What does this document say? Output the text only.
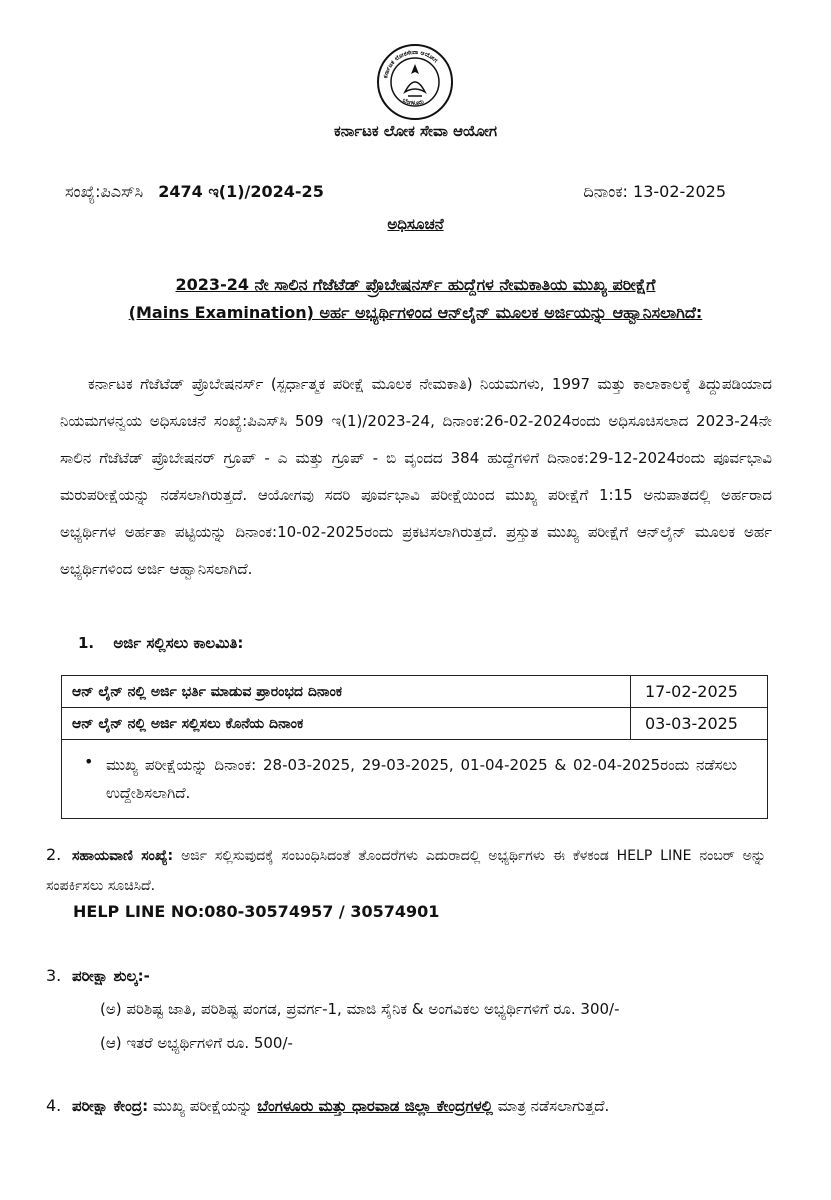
ಕರ್ನಾಟಕ ಲೋಕಸೇವಾ ಆಯೋಗ
ಬೆಂಗಳೂರು
ಕರ್ನಾಟಕ ಲೋಕ ಸೇವಾ ಆಯೋಗ
ಸಂಖ್ಯೆ:ಪಿಎಸ್‌ಸಿ 2474 ಇ(1)/2024-25	ದಿನಾಂಕ: 13-02-2025
ಅಧಿಸೂಚನೆ
2023-24 ನೇ ಸಾಲಿನ ಗೆಜೆಟೆಡ್ ಪ್ರೊಬೇಷನರ್ಸ್ ಹುದ್ದೆಗಳ ನೇಮಕಾತಿಯ ಮುಖ್ಯ ಪರೀಕ್ಷೆಗೆ
(Mains Examination) ಅರ್ಹ ಅಭ್ಯರ್ಥಿಗಳಿಂದ ಆನ್‌ಲೈನ್ ಮೂಲಕ ಅರ್ಜಿಯನ್ನು ಆಹ್ವಾನಿಸಲಾಗಿದೆ:
ಕರ್ನಾಟಕ ಗೆಜೆಟೆಡ್ ಪ್ರೊಬೇಷನರ್ಸ್ (ಸ್ಪರ್ಧಾತ್ಮಕ ಪರೀಕ್ಷೆ ಮೂಲಕ ನೇಮಕಾತಿ) ನಿಯಮಗಳು, 1997 ಮತ್ತು ಕಾಲಾಕಾಲಕ್ಕೆ ತಿದ್ದುಪಡಿಯಾದ ನಿಯಮಗಳನ್ವಯ ಅಧಿಸೂಚನೆ ಸಂಖ್ಯೆ:ಪಿಎಸ್‌ಸಿ 509 ಇ(1)/2023-24, ದಿನಾಂಕ:26-02-2024ರಂದು ಅಧಿಸೂಚಿಸಲಾದ 2023-24ನೇ ಸಾಲಿನ ಗೆಜೆಟೆಡ್ ಪ್ರೊಬೇಷನರ್ ಗ್ರೂಪ್ - ಎ ಮತ್ತು ಗ್ರೂಪ್ - ಬಿ ವೃಂದದ 384 ಹುದ್ದೆಗಳಿಗೆ ದಿನಾಂಕ:29-12-2024ರಂದು ಪೂರ್ವಭಾವಿ ಮರುಪರೀಕ್ಷೆಯನ್ನು ನಡೆಸಲಾಗಿರುತ್ತದೆ. ಆಯೋಗವು ಸದರಿ ಪೂರ್ವಭಾವಿ ಪರೀಕ್ಷೆಯಿಂದ ಮುಖ್ಯ ಪರೀಕ್ಷೆಗೆ 1:15 ಅನುಪಾತದಲ್ಲಿ ಅರ್ಹರಾದ ಅಭ್ಯರ್ಥಿಗಳ ಅರ್ಹತಾ ಪಟ್ಟಿಯನ್ನು ದಿನಾಂಕ:10-02-2025ರಂದು ಪ್ರಕಟಿಸಲಾಗಿರುತ್ತದೆ. ಪ್ರಸ್ತುತ ಮುಖ್ಯ ಪರೀಕ್ಷೆಗೆ ಆನ್‌ಲೈನ್ ಮೂಲಕ ಅರ್ಹ ಅಭ್ಯರ್ಥಿಗಳಿಂದ ಅರ್ಜಿ ಆಹ್ವಾನಿಸಲಾಗಿದೆ.
1. ಅರ್ಜಿ ಸಲ್ಲಿಸಲು ಕಾಲಮಿತಿ:
ಆನ್ ಲೈನ್ ನಲ್ಲಿ ಅರ್ಜಿ ಭರ್ತಿ ಮಾಡುವ ಪ್ರಾರಂಭದ ದಿನಾಂಕ	17-02-2025
ಆನ್ ಲೈನ್ ನಲ್ಲಿ ಅರ್ಜಿ ಸಲ್ಲಿಸಲು ಕೊನೆಯ ದಿನಾಂಕ	03-03-2025

• ಮುಖ್ಯ ಪರೀಕ್ಷೆಯನ್ನು ದಿನಾಂಕ: 28-03-2025, 29-03-2025, 01-04-2025 & 02-04-2025ರಂದು ನಡೆಸಲು ಉದ್ದೇಶಿಸಲಾಗಿದೆ.	
2. ಸಹಾಯವಾಣಿ ಸಂಖ್ಯೆ: ಅರ್ಜಿ ಸಲ್ಲಿಸುವುದಕ್ಕೆ ಸಂಬಂಧಿಸಿದಂತೆ ತೊಂದರೆಗಳು ಎದುರಾದಲ್ಲಿ ಅಭ್ಯರ್ಥಿಗಳು ಈ ಕೆಳಕಂಡ HELP LINE ನಂಬರ್ ಅನ್ನು ಸಂಪರ್ಕಿಸಲು ಸೂಚಿಸಿದೆ.
HELP LINE NO:080-30574957 / 30574901
3. ಪರೀಕ್ಷಾ ಶುಲ್ಕ:-
(ಅ) ಪರಿಶಿಷ್ಟ ಜಾತಿ, ಪರಿಶಿಷ್ಟ ಪಂಗಡ, ಪ್ರವರ್ಗ-1, ಮಾಜಿ ಸೈನಿಕ & ಅಂಗವಿಕಲ ಅಭ್ಯರ್ಥಿಗಳಿಗೆ ರೂ. 300/-
(ಆ) ಇತರೆ ಅಭ್ಯರ್ಥಿಗಳಿಗೆ ರೂ. 500/-
4. ಪರೀಕ್ಷಾ ಕೇಂದ್ರ: ಮುಖ್ಯ ಪರೀಕ್ಷೆಯನ್ನು ಬೆಂಗಳೂರು ಮತ್ತು ಧಾರವಾಡ ಜಿಲ್ಲಾ ಕೇಂದ್ರಗಳಲ್ಲಿ ಮಾತ್ರ ನಡೆಸಲಾಗುತ್ತದೆ.
